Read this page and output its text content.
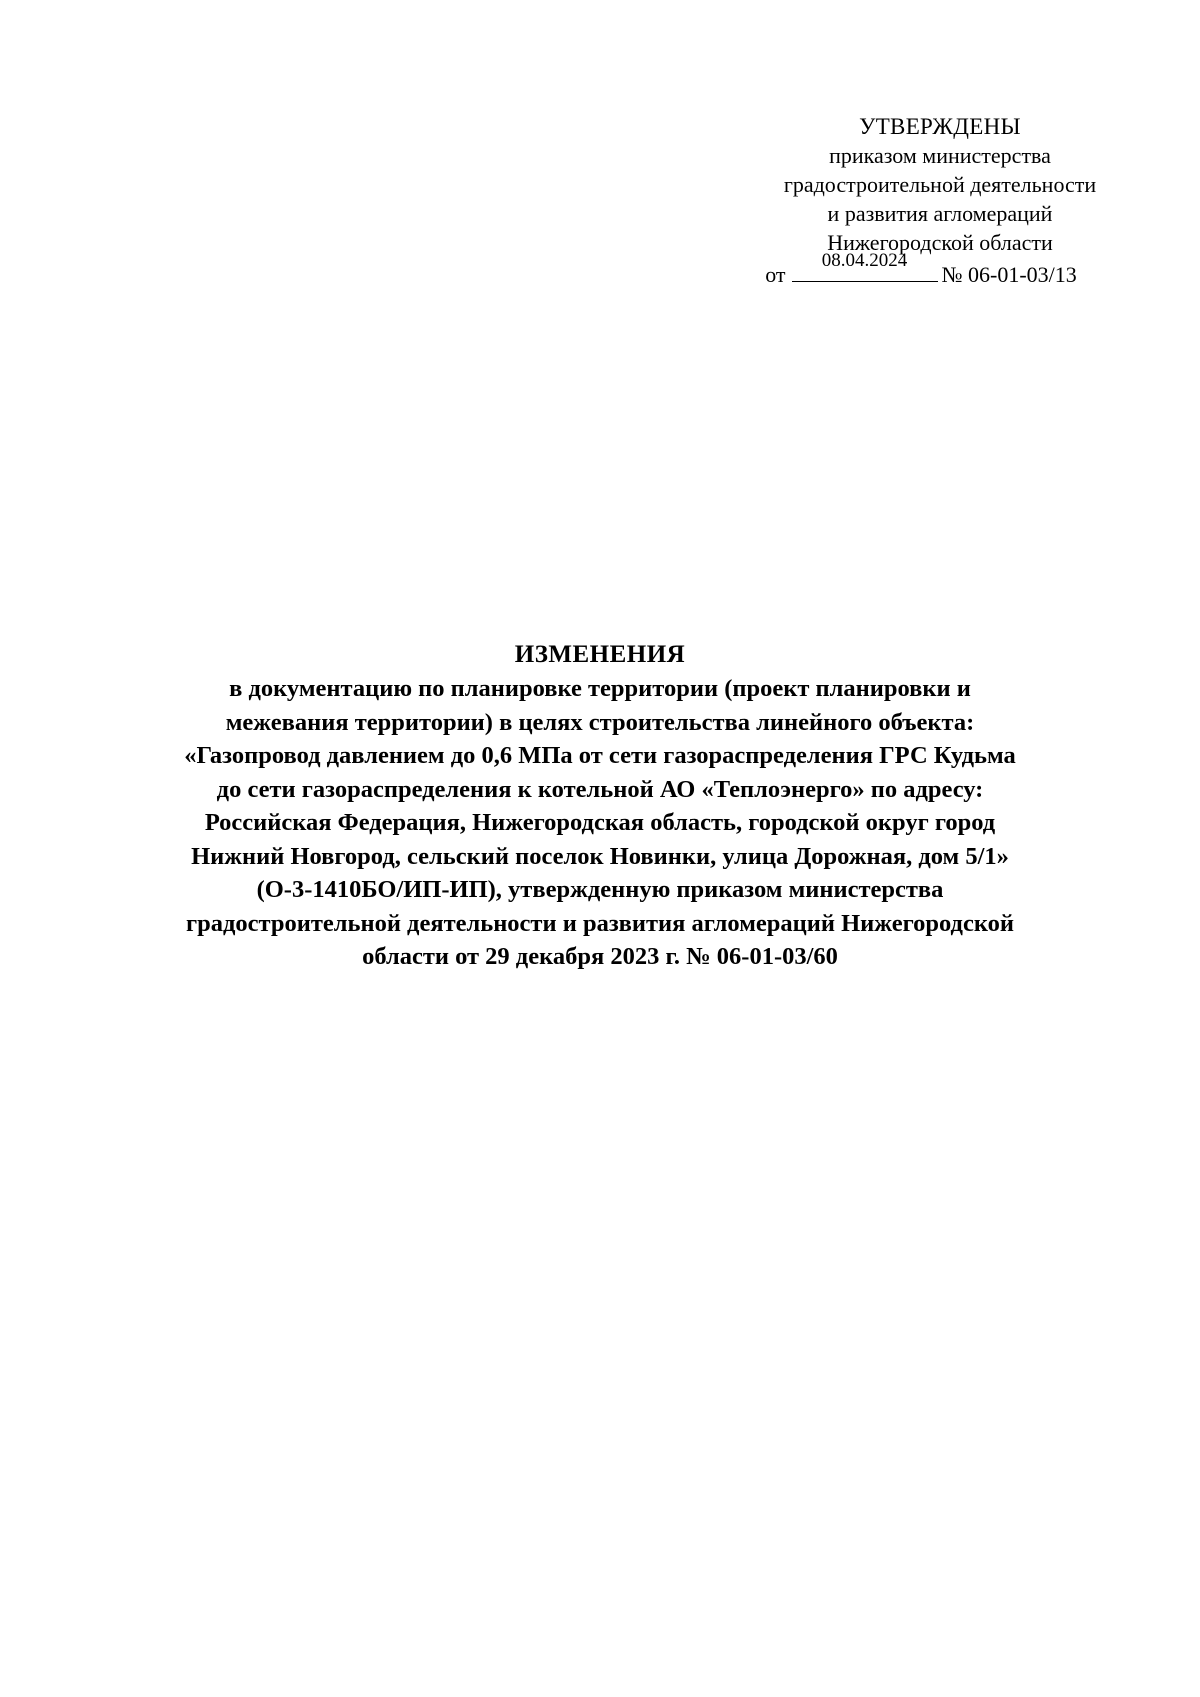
УТВЕРЖДЕНЫ
приказом министерства
градостроительной деятельности
и развития агломераций
Нижегородской области
от
08.04.2024
№ 06-01-03/13
ИЗМЕНЕНИЯ
в документацию по планировке территории (проект планировки и
межевания территории) в целях строительства линейного объекта:
«Газопровод давлением до 0,6 МПа от сети газораспределения ГРС Кудьма
до сети газораспределения к котельной АО «Теплоэнерго» по адресу:
Российская Федерация, Нижегородская область, городской округ город
Нижний Новгород, сельский поселок Новинки, улица Дорожная, дом 5/1»
(О-3-1410БО/ИП-ИП), утвержденную приказом министерства
градостроительной деятельности и развития агломераций Нижегородской
области от 29 декабря 2023 г. № 06-01-03/60
